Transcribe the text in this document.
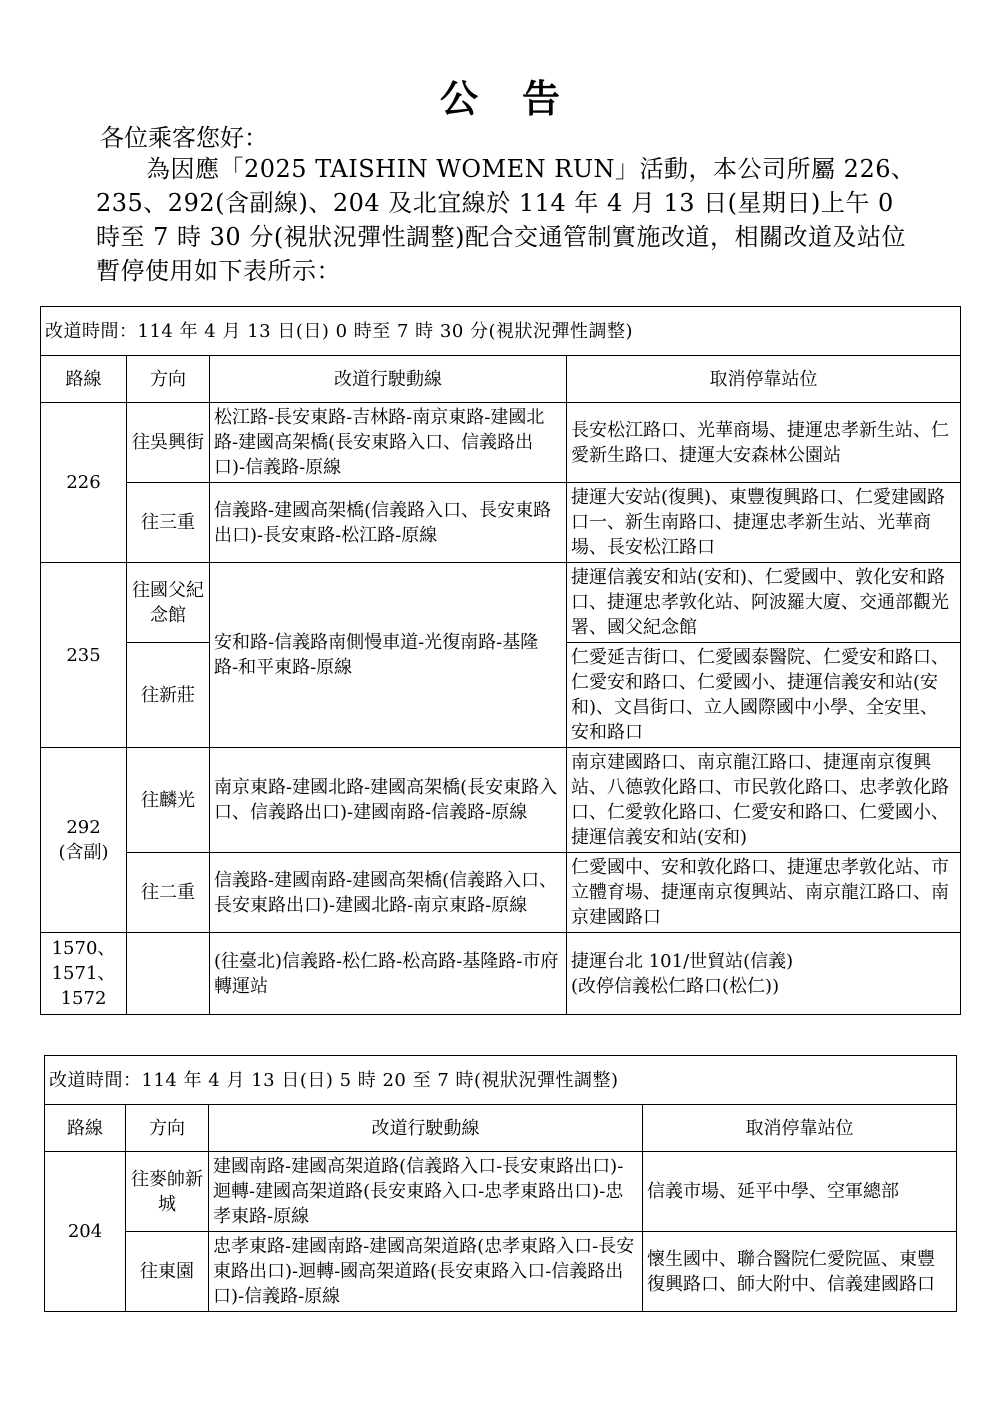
公告
各位乘客您好：
為因應「2025 TAISHIN WOMEN RUN」活動，本公司所屬 226、235、292(含副線)、204 及北宜線於 114 年 4 月 13 日(星期日)上午 0 時至 7 時 30 分(視狀況彈性調整)配合交通管制實施改道，相關改道及站位暫停使用如下表所示：
改道時間：114 年 4 月 13 日(日) 0 時至 7 時 30 分(視狀況彈性調整)			
路線	方向	改道行駛動線	取消停靠站位
226	往吳興街	松江路-長安東路-吉林路-南京東路-建國北路-建國高架橋(長安東路入口、信義路出口)-信義路-原線	長安松江路口、光華商場、捷運忠孝新生站、仁愛新生路口、捷運大安森林公園站
	往三重	信義路-建國高架橋(信義路入口、長安東路出口)-長安東路-松江路-原線	捷運大安站(復興)、東豐復興路口、仁愛建國路口一、新生南路口、捷運忠孝新生站、光華商場、長安松江路口
235	往國父紀念館	安和路-信義路南側慢車道-光復南路-基隆路-和平東路-原線	捷運信義安和站(安和)、仁愛國中、敦化安和路口、捷運忠孝敦化站、阿波羅大廈、交通部觀光署、國父紀念館
	往新莊		仁愛延吉街口、仁愛國泰醫院、仁愛安和路口、仁愛安和路口、仁愛國小、捷運信義安和站(安和)、文昌街口、立人國際國中小學、全安里、安和路口

292
(含副)	往麟光	南京東路-建國北路-建國高架橋(長安東路入口、信義路出口)-建國南路-信義路-原線	南京建國路口、南京龍江路口、捷運南京復興站、八德敦化路口、市民敦化路口、忠孝敦化路口、仁愛敦化路口、仁愛安和路口、仁愛國小、捷運信義安和站(安和)
	往二重	信義路-建國南路-建國高架橋(信義路入口、長安東路出口)-建國北路-南京東路-原線	仁愛國中、安和敦化路口、捷運忠孝敦化站、市立體育場、捷運南京復興站、南京龍江路口、南京建國路口
1570、1571、1572		(往臺北)信義路-松仁路-松高路-基隆路-市府轉運站	捷運台北 101/世貿站(信義)
(改停信義松仁路口(松仁))
改道時間：114 年 4 月 13 日(日) 5 時 20 至 7 時(視狀況彈性調整)			
路線	方向	改道行駛動線	取消停靠站位
204	往麥帥新城	建國南路-建國高架道路(信義路入口-長安東路出口)-迴轉-建國高架道路(長安東路入口-忠孝東路出口)-忠孝東路-原線	信義市場、延平中學、空軍總部
	往東園	忠孝東路-建國南路-建國高架道路(忠孝東路入口-長安東路出口)-迴轉-國高架道路(長安東路入口-信義路出口)-信義路-原線	懷生國中、聯合醫院仁愛院區、東豐復興路口、師大附中、信義建國路口
